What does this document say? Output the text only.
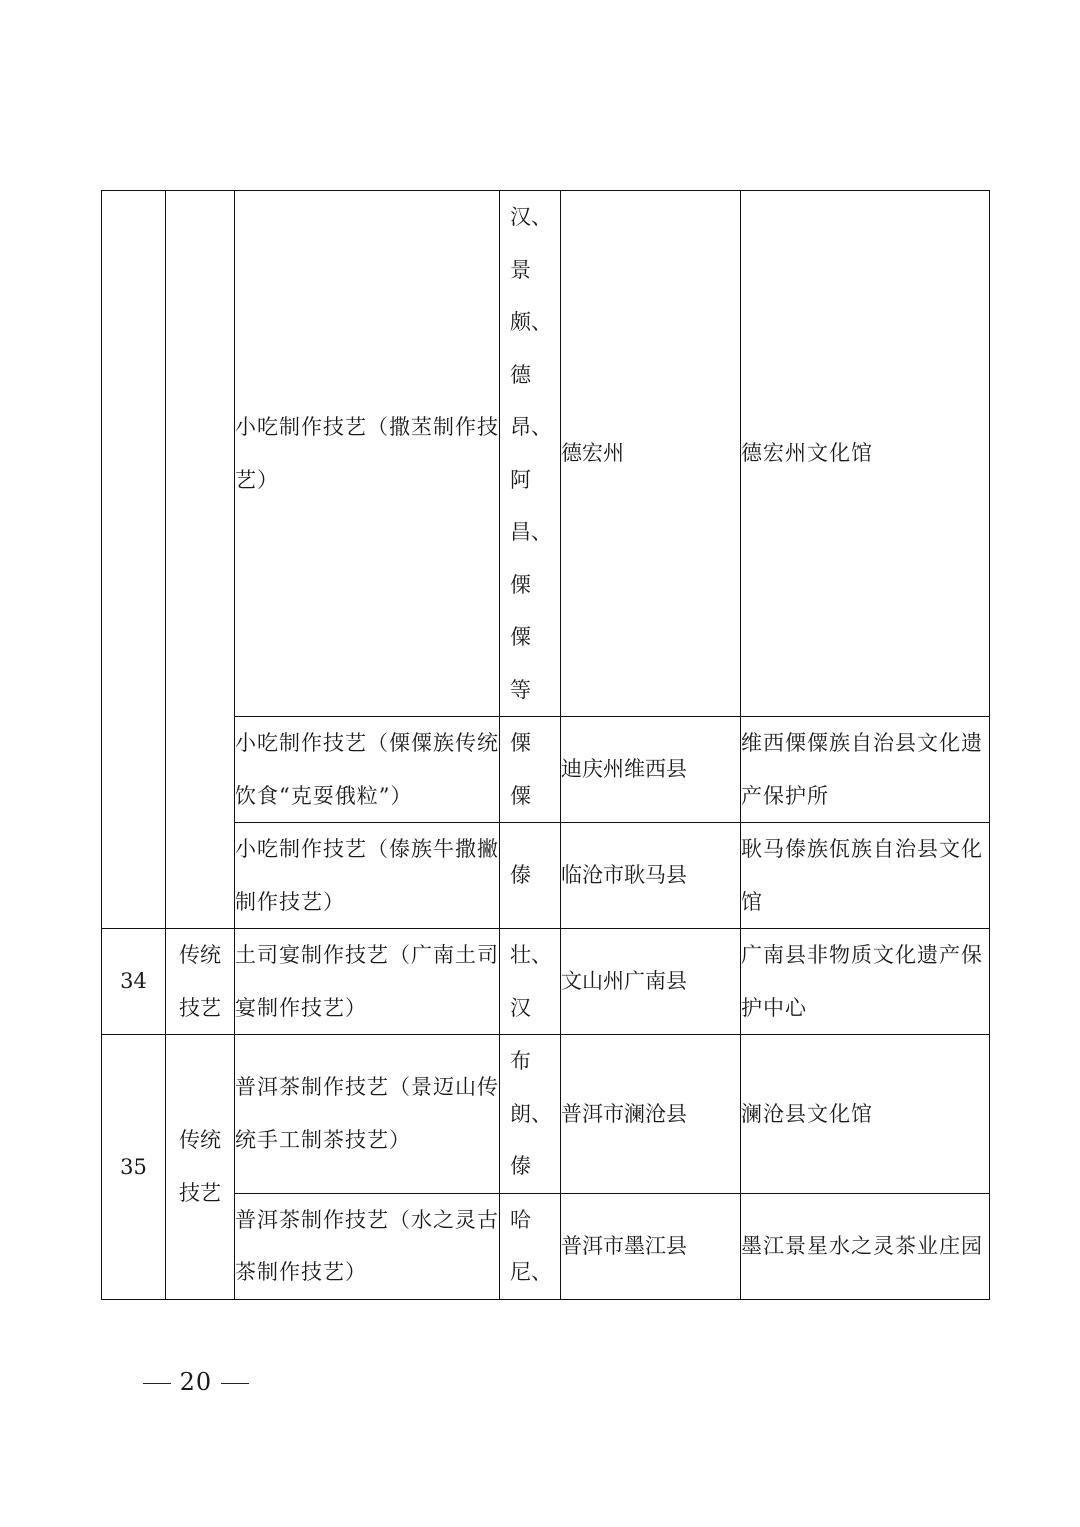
		小吃制作技艺（撒苤制作技艺）	汉、景颇、德昂、阿昌、傈僳等	德宏州	德宏州文化馆
		小吃制作技艺（傈僳族传统饮食“克耍俄粒”）	傈僳	迪庆州维西县	维西傈僳族自治县文化遗产保护所
		小吃制作技艺（傣族牛撒撇制作技艺）	傣	临沧市耿马县	耿马傣族佤族自治县文化馆
34	传统技艺	土司宴制作技艺（广南土司宴制作技艺）	壮、汉	文山州广南县	广南县非物质文化遗产保护中心
35	传统技艺	普洱茶制作技艺（景迈山传统手工制茶技艺）	布朗、傣	普洱市澜沧县	澜沧县文化馆
		普洱茶制作技艺（水之灵古茶制作技艺）	哈尼、	普洱市墨江县	墨江景星水之灵茶业庄园
20
